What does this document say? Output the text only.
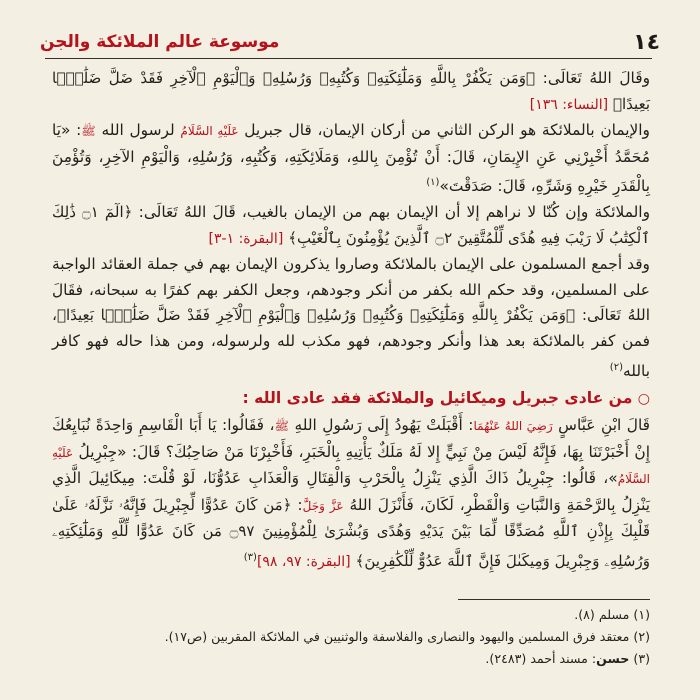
١٤
موسوعة عالم الملائكة والجن

وقَالَ اللهُ تَعَالَى: ﴿وَمَن يَكْفُرْ بِاللَّهِ وَمَلَٰٓئِكَتِهِۦ وَكُتُبِهِۦ وَرُسُلِهِۦ وَٱلْيَوْمِ ٱلْآخِرِ فَقَدْ ضَلَّ ضَلَٰلًۢا بَعِيدًا﴾ [النساء: ١٣٦]

والإيمان بالملائكة هو الركن الثاني من أركان الإيمان، قال جبريل عَلَيْهِ السَّلَامُ لرسول الله ﷺ: «يَا مُحَمَّدُ أَخْبِرْنِي عَنِ الإِيمَانِ، قَالَ: أَنْ تُؤْمِنَ بِاللهِ، وَمَلَائِكَتِهِ، وَكُتُبِهِ، وَرُسُلِهِ، وَالْيَوْمِ الآخِرِ، وَتُؤْمِنَ بِالْقَدَرِ خَيْرِهِ وَشَرِّهِ، قَالَ: صَدَقْتَ»$^{(١)}$

والملائكة وإن كُنّا لا نراهم إلا أن الإيمان بهم من الإيمان بالغيب، قَالَ اللهُ تَعَالَى: ﴿الٓمٓ ۝١ ذَٰلِكَ ٱلْكِتَٰبُ لَا رَيْبَ فِيهِ هُدًى لِّلْمُتَّقِينَ ۝٢ ٱلَّذِينَ يُؤْمِنُونَ بِٱلْغَيْبِ﴾ [البقرة: ١-٣]

وقد أجمع المسلمون على الإيمان بالملائكة وصاروا يذكرون الإيمان بهم في جملة العقائد الواجبة على المسلمين، وقد حكم الله بكفر من أنكر وجودهم، وجعل الكفر بهم كفرًا به سبحانه، فقَالَ اللهُ تَعَالَى: ﴿وَمَن يَكْفُرْ بِاللَّهِ وَمَلَٰٓئِكَتِهِۦ وَكُتُبِهِۦ وَرُسُلِهِۦ وَٱلْيَوْمِ ٱلْآخِرِ فَقَدْ ضَلَّ ضَلَٰلًۢا بَعِيدًا﴾، فمن كفر بالملائكة بعد هذا وأنكر وجودهم، فهو مكذب لله ولرسوله، ومن هذا حاله فهو كافر بالله$^{(٢)}$

○ من عادى جبريل وميكائيل والملائكة فقد عادى الله :

قَالَ ابْنِ عَبَّاسٍ رَضِيَ اللهُ عَنْهُمَا: أَقْبَلَتْ يَهُودُ إِلَى رَسُولِ اللهِ ﷺ، فَقَالُوا: يَا أَبَا الْقَاسِمِ وَاحِدَةً نُبَايِعُكَ إِنْ أَخْبَرْتَنَا بِهَا، فَإِنَّهُ لَيْسَ مِنْ نَبِيٍّ إِلا لَهُ مَلَكٌ يَأْتِيهِ بِالْخَبَرِ، فَأَخْبِرْنَا مَنْ صَاحِبُكَ؟ قَالَ: «جِبْرِيلُ عَلَيْهِ السَّلَامُ»، قَالُوا: جِبْرِيلُ ذَاكَ الَّذِي يَنْزِلُ بِالْحَرْبِ وَالْقِتَالِ وَالْعَذَابِ عَدُوُّنَا، لَوْ قُلْتَ: مِيكَائِيلَ الَّذِي يَنْزِلُ بِالرَّحْمَةِ وَالنَّبَاتِ وَالْقَطْرِ، لَكَانَ، فَأَنْزَلَ اللهُ عَزَّ وَجَلَّ: ﴿مَن كَانَ عَدُوًّا لِّجِبْرِيلَ فَإِنَّهُۥ نَزَّلَهُۥ عَلَىٰ قَلْبِكَ بِإِذْنِ ٱللَّهِ مُصَدِّقًا لِّمَا بَيْنَ يَدَيْهِ وَهُدًى وَبُشْرَىٰ لِلْمُؤْمِنِينَ ۝٩٧ مَن كَانَ عَدُوًّا لِّلَّهِ وَمَلَٰٓئِكَتِهِۦ وَرُسُلِهِۦ وَجِبْرِيلَ وَمِيكَىٰلَ فَإِنَّ ٱللَّهَ عَدُوٌّ لِّلْكَٰفِرِينَ﴾ [البقرة: ٩٧، ٩٨]$^{(٣)}$

(١) مسلم (٨).

(٢) معتقد فرق المسلمين واليهود والنصارى والفلاسفة والوثنيين في الملائكة المقربين (ص١٧).

(٣) حسن: مسند أحمد (٢٤٨٣).
